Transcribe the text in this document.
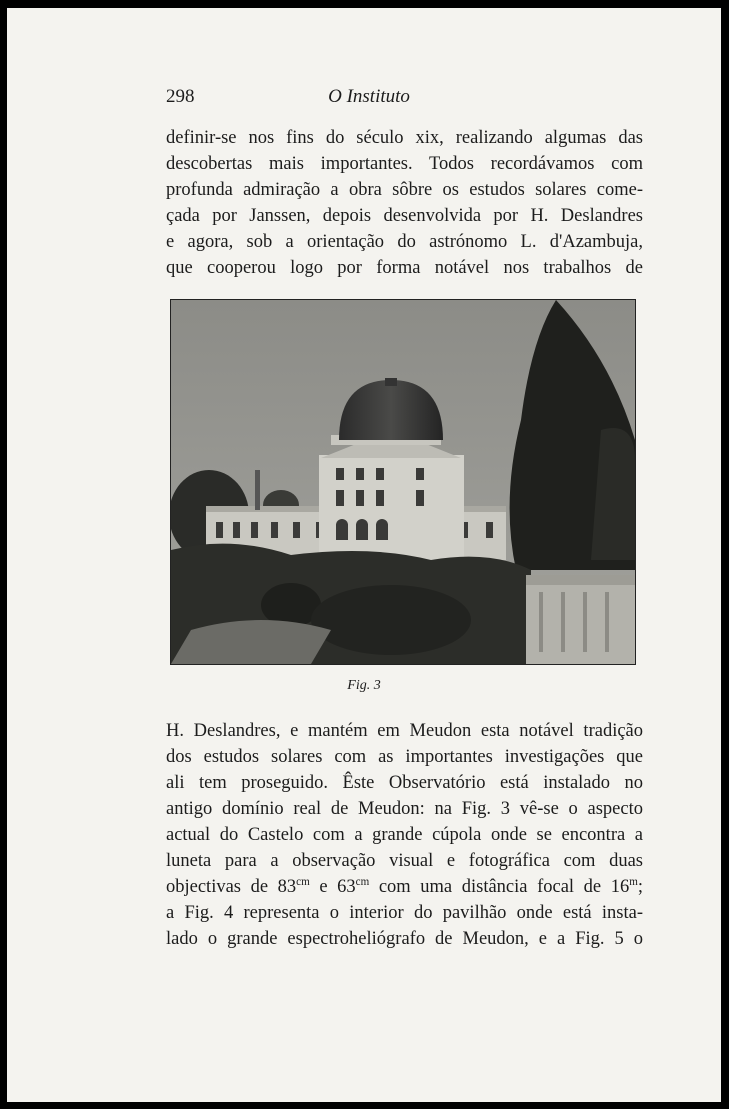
298	O Instituto
definir-se nos fins do século xix, realizando algumas das
descobertas mais importantes. Todos recordávamos com
profunda admiração a obra sôbre os estudos solares come-
çada por Janssen, depois desenvolvida por H. Deslandres
e agora, sob a orientação do astrónomo L. d'Azambuja,
que cooperou logo por forma notável nos trabalhos de
Fig. 3
H. Deslandres, e mantém em Meudon esta notável tradição
dos estudos solares com as importantes investigações que
ali tem proseguido. Êste Observatório está instalado no
antigo domínio real de Meudon: na Fig. 3 vê-se o aspecto
actual do Castelo com a grande cúpola onde se encontra a
luneta para a observação visual e fotográfica com duas
objectivas de $83^{cm}$ e $63^{cm}$ com uma distância focal de 16$^m$;
a Fig. 4 representa o interior do pavilhão onde está insta-
lado o grande espectroheliógrafo de Meudon, e a Fig. 5 o
